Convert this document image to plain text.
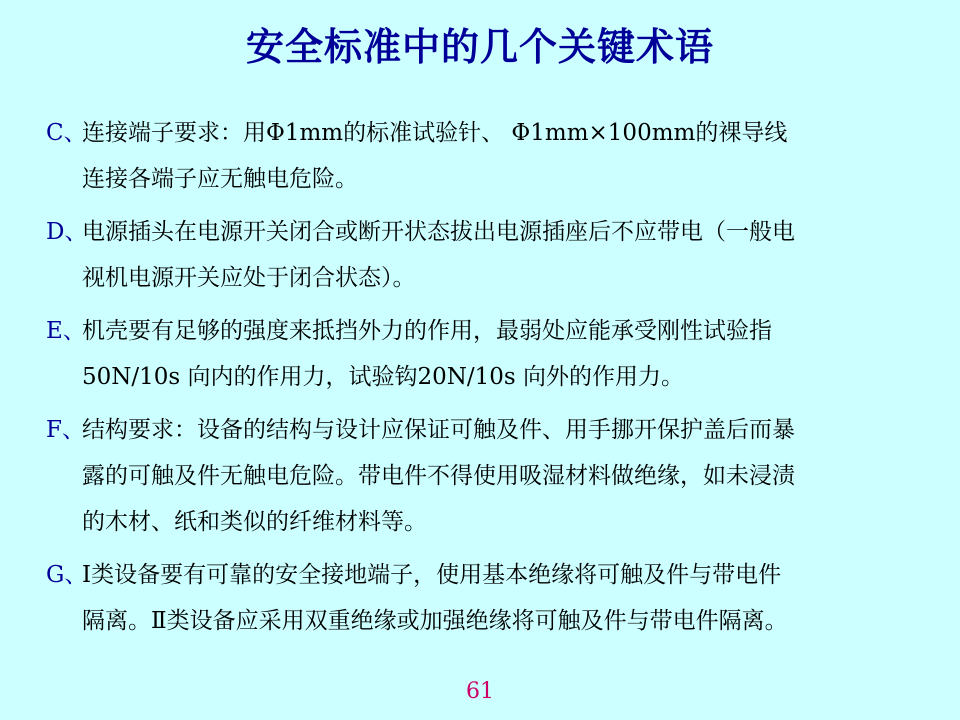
安全标准中的几个关键术语
C、
连接端子要求：用Φ1mm的标准试验针、 Φ1mm×100mm的裸导线
连接各端子应无触电危险。
D、
电源插头在电源开关闭合或断开状态拔出电源插座后不应带电（一般电
视机电源开关应处于闭合状态）。
E、
机壳要有足够的强度来抵挡外力的作用，最弱处应能承受刚性试验指
50N/10s 向内的作用力，试验钩20N/10s 向外的作用力。
F、
结构要求：设备的结构与设计应保证可触及件、用手挪开保护盖后而暴
露的可触及件无触电危险。带电件不得使用吸湿材料做绝缘，如未浸渍
的木材、纸和类似的纤维材料等。
G、
Ⅰ类设备要有可靠的安全接地端子，使用基本绝缘将可触及件与带电件
隔离。Ⅱ类设备应采用双重绝缘或加强绝缘将可触及件与带电件隔离。
61
